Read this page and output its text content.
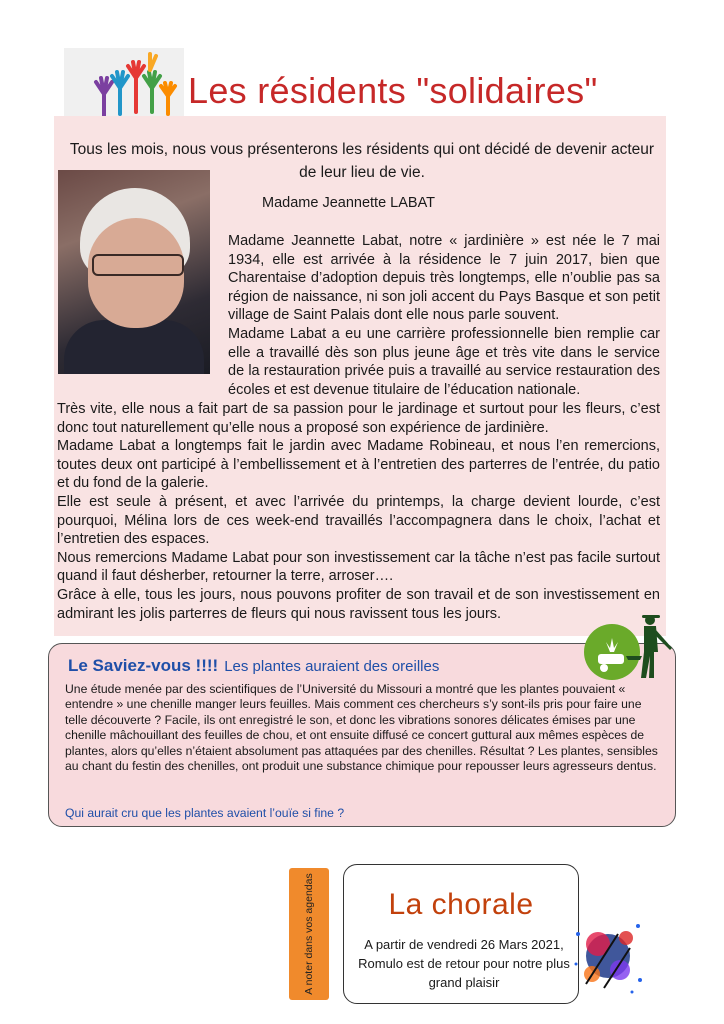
Les résidents "solidaires"
Tous les mois, nous vous présenterons les résidents qui ont décidé de devenir acteur de leur lieu de vie.
Madame Jeannette LABAT

Madame Jeannette Labat, notre « jardinière » est née le 7 mai 1934, elle est arrivée à la résidence le 7 juin 2017, bien que Charentaise d’adoption depuis très longtemps, elle n’oublie pas sa région de naissance, ni son joli accent du Pays Basque et son petit village de Saint Palais dont elle nous parle souvent.

Madame Labat a eu une carrière professionnelle bien remplie car elle a travaillé dès son plus jeune âge et très vite dans le service de la restauration privée puis a travaillé au service restauration des écoles et est devenue titulaire de l’éducation nationale.

Très vite, elle nous a fait part de sa passion pour le jardinage et surtout pour les fleurs, c’est donc tout naturellement qu’elle nous a proposé son expérience de jardinière.

Madame Labat a longtemps fait le jardin avec Madame Robineau, et nous l’en remercions, toutes deux ont participé à l’embellissement et à l’entretien des parterres de l’entrée, du patio et du fond de la galerie.

Elle est seule à présent, et avec l’arrivée du printemps, la charge devient lourde, c’est pourquoi, Mélina lors de ces week-end travaillés l’accompagnera dans le choix, l’achat et l’entretien des espaces.

Nous remercions Madame Labat pour son investissement car la tâche n’est pas facile surtout quand il faut désherber, retourner la terre, arroser….

Grâce à elle, tous les jours, nous pouvons profiter de son travail et de son investissement en admirant les jolis parterres de fleurs qui nous ravissent tous les jours.

Le Saviez-vous !!!! Les plantes auraient des oreilles

Une étude menée par des scientifiques de l’Université du Missouri a montré que les plantes pouvaient « entendre » une chenille manger leurs feuilles. Mais comment ces chercheurs s’y sont-ils pris pour faire une telle découverte ? Facile, ils ont enregistré le son, et donc les vibrations sonores délicates émises par une chenille mâchouillant des feuilles de chou, et ont ensuite diffusé ce concert guttural aux mêmes espèces de plantes, alors qu’elles n’étaient absolument pas attaquées par des chenilles. Résultat ? Les plantes, sensibles au chant du festin des chenilles, ont produit une substance chimique pour repousser leurs agresseurs dentus.

Qui aurait cru que les plantes avaient l’ouïe si fine ?
A noter dans vos agendas	La chorale
A partir de vendredi 26 Mars 2021, Romulo est de retour pour notre plus grand plaisir
